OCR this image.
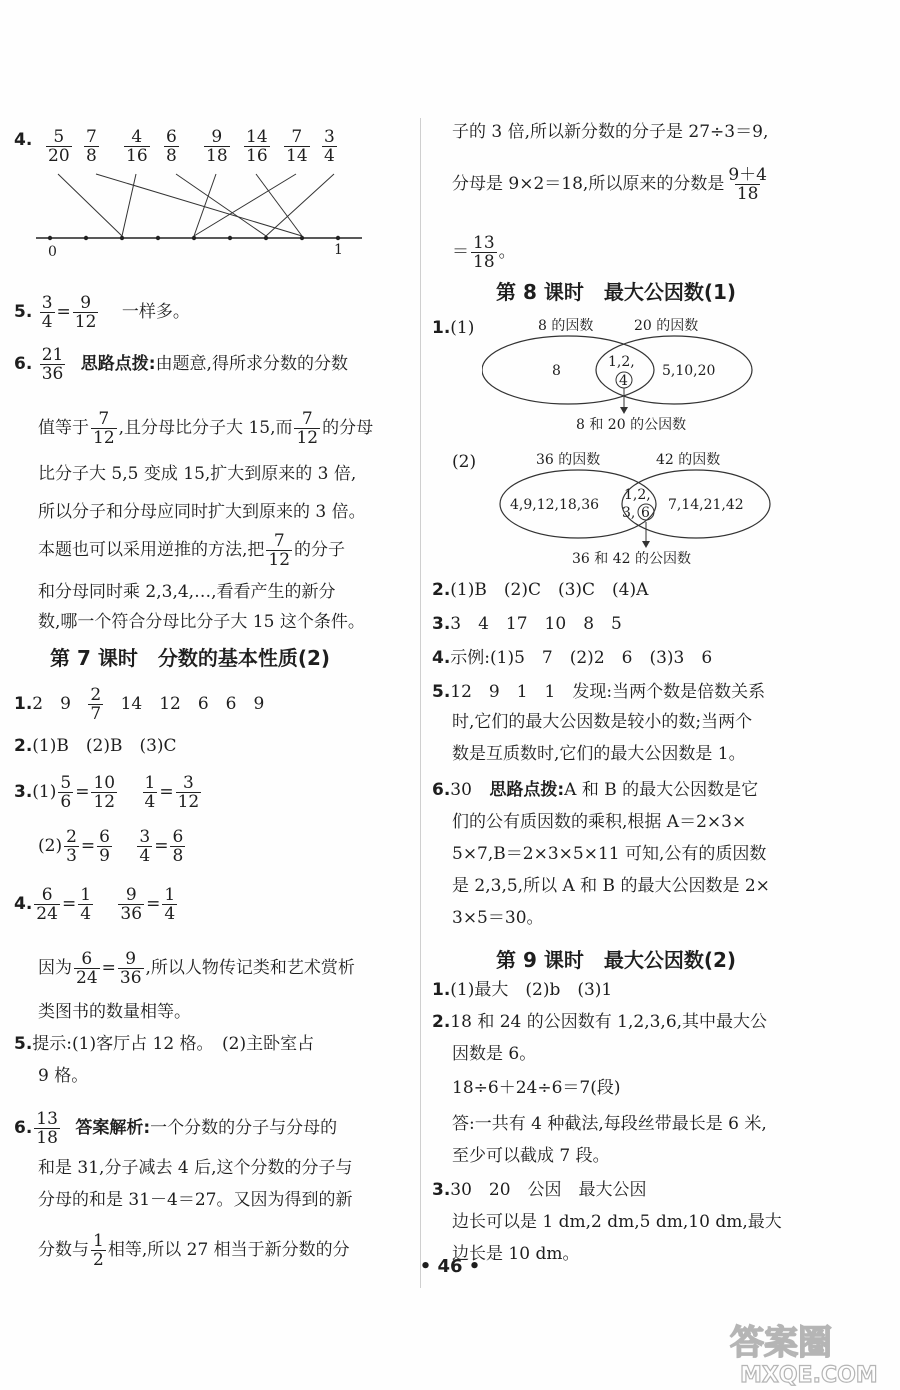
4. $\frac{5}{20} \frac{7}{8} \frac{4}{16} \frac{6}{8} \frac{9}{18} \frac{14}{16} \frac{7}{14} \frac{3}{4}$
0	1
5. $\frac{3}{4} = \frac{9}{12}$ 一样多。
6. $\frac{21}{36}$ 思路点拨:由题意,得所求分数的分数
值等于 $\frac{7}{12}$ ,且分母比分子大 15,而 $\frac{7}{12}$ 的分母
比分子大 5,5 变成 15,扩大到原来的 3 倍,
所以分子和分母应同时扩大到原来的 3 倍。
本题也可以采用逆推的方法,把 $\frac{7}{12}$ 的分子
和分母同时乘 2,3,4,…,看看产生的新分
数,哪一个符合分母比分子大 15 这个条件。
第 7 课时　分数的基本性质(2)
1.2　$9 \frac{2}{7} 14$　12　6　6　9
2.(1)B　(2)B　(3)C
$3.(1) \frac{5}{6} = \frac{10}{12}$
$\frac{1}{4} = \frac{3}{12}$
$(2) \frac{2}{3} = \frac{6}{9}$
$\frac{3}{4} = \frac{6}{8}$
4. $\frac{6}{24} = \frac{1}{4}$
$\frac{9}{36} = \frac{1}{4}$
因为 $\frac{6}{24} = \frac{9}{36}$ ,所以人物传记类和艺术赏析
类图书的数量相等。
5.提示:(1)客厅占 12 格。　(2)主卧室占
9 格。
6. $\frac{13}{18}$ 答案解析:一个分数的分子与分母的
和是 31,分子减去 4 后,这个分数的分子与
分母的和是 31－4＝27。又因为得到的新
分数与 $\frac{1}{2}$ 相等,所以 27 相当于新分数的分
子的 3 倍,所以新分数的分子是 27÷3＝9,
分母是 9×2＝18,所以原来的分数是 $\frac{9+4}{18}$
＝ $\frac{13}{18}$ 。
第 8 课时　最大公因数(1)
1.(1)	8 的因数	20 的因数
8
1,2,
4
5,10,20
8 和 20 的公因数
(2)	36 的因数	42 的因数
4,9,12,18,36
1,2,
3, 6 7,14,21,42
36 和 42 的公因数
2.(1)B　(2)C　(3)C　(4)A
3.3　4　17　10　8　5
4.示例:(1)5　7　(2)2　6　(3)3　6
5.12　9　1　1　发现:当两个数是倍数关系
时,它们的最大公因数是较小的数;当两个
数是互质数时,它们的最大公因数是 1。
6.30 思路点拨:A 和 B 的最大公因数是它
们的公有质因数的乘积,根据 A＝2×3×
5×7,B＝2×3×5×11 可知,公有的质因数
是 2,3,5,所以 A 和 B 的最大公因数是 2×
3×5＝30。
第 9 课时　最大公因数(2)
1.(1)最大　(2)b　(3)1
2.18 和 24 的公因数有 1,2,3,6,其中最大公
因数是 6。
18÷6＋24÷6＝7(段)
答:一共有 4 种截法,每段丝带最长是 6 米,
至少可以截成 7 段。
3.30　20　公因　最大公因
边长可以是 1 dm,2 dm,5 dm,10 dm,最大
边长是 10 dm。
• 46 •
答案圈
MXQE.COM
